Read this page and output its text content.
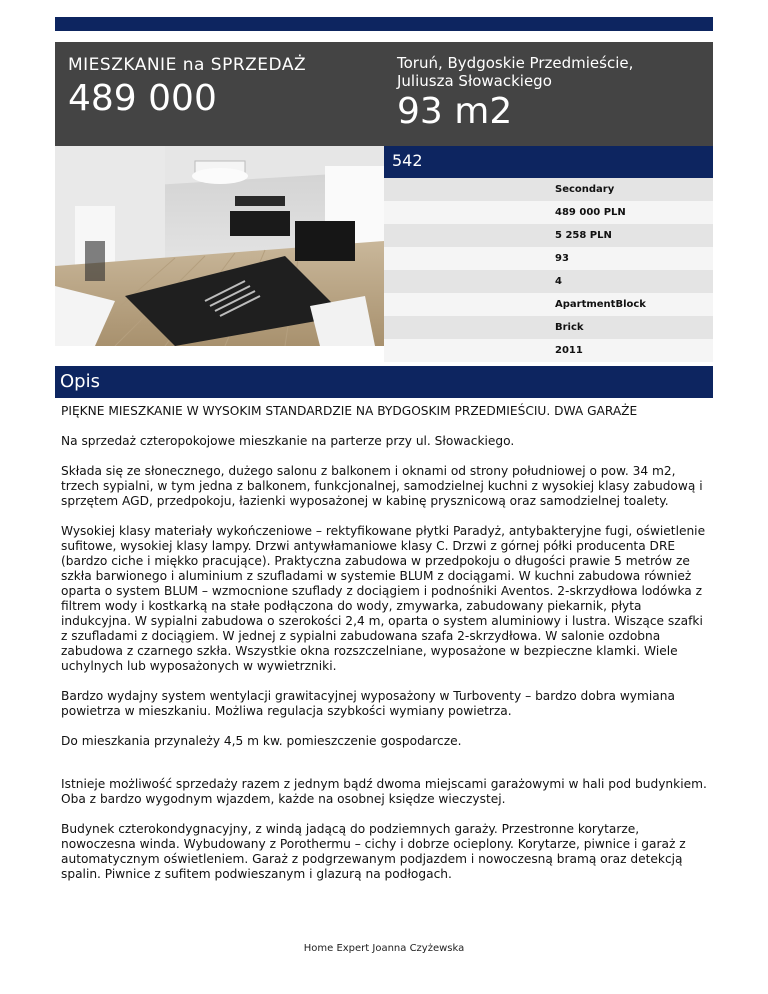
MIESZKANIE na SPRZEDAŻ
489 000
Toruń, Bydgoskie Przedmieście, Juliusza Słowackiego
93 m2
542
Secondary
489 000 PLN
5 258 PLN
93
4
ApartmentBlock
Brick
2011
Opis

PIĘKNE MIESZKANIE W WYSOKIM STANDARDZIE NA BYDGOSKIM PRZEDMIEŚCIU. DWA GARAŻE

Na sprzedaż czteropokojowe mieszkanie na parterze przy ul. Słowackiego.

Składa się ze słonecznego, dużego salonu z balkonem i oknami od strony południowej o pow. 34 m2, trzech sypialni, w tym jedna z balkonem, funkcjonalnej, samodzielnej kuchni z wysokiej klasy zabudową i sprzętem AGD, przedpokoju, łazienki wyposażonej w kabinę prysznicową oraz samodzielnej toalety.

Wysokiej klasy materiały wykończeniowe – rektyfikowane płytki Paradyż, antybakteryjne fugi, oświetlenie sufitowe, wysokiej klasy lampy. Drzwi antywłamaniowe klasy C. Drzwi z górnej półki producenta DRE (bardzo ciche i miękko pracujące). Praktyczna zabudowa w przedpokoju o długości prawie 5 metrów ze szkła barwionego i aluminium z szufladami w systemie BLUM z dociągami. W kuchni zabudowa również oparta o system BLUM – wzmocnione szuflady z dociągiem i podnośniki Aventos. 2-skrzydłowa lodówka z filtrem wody i kostkarką na stałe podłączona do wody, zmywarka, zabudowany piekarnik, płyta indukcyjna. W sypialni zabudowa o szerokości 2,4 m, oparta o system aluminiowy i lustra. Wiszące szafki z szufladami z dociągiem. W jednej z sypialni zabudowana szafa 2-skrzydłowa. W salonie ozdobna zabudowa z czarnego szkła. Wszystkie okna rozszczelniane, wyposażone w bezpieczne klamki. Wiele uchylnych lub wyposażonych w wywietrzniki.

Bardzo wydajny system wentylacji grawitacyjnej wyposażony w Turboventy – bardzo dobra wymiana powietrza w mieszkaniu. Możliwa regulacja szybkości wymiany powietrza.

Do mieszkania przynależy 4,5 m kw. pomieszczenie gospodarcze.

Istnieje możliwość sprzedaży razem z jednym bądź dwoma miejscami garażowymi w hali pod budynkiem. Oba z bardzo wygodnym wjazdem, każde na osobnej księdze wieczystej.

Budynek czterokondygnacyjny, z windą jadącą do podziemnych garaży. Przestronne korytarze, nowoczesna winda. Wybudowany z Porothermu – cichy i dobrze ocieplony. Korytarze, piwnice i garaż z automatycznym oświetleniem. Garaż z podgrzewanym podjazdem i nowoczesną bramą oraz detekcją spalin. Piwnice z sufitem podwieszanym i glazurą na podłogach.

Home Expert Joanna Czyżewska
